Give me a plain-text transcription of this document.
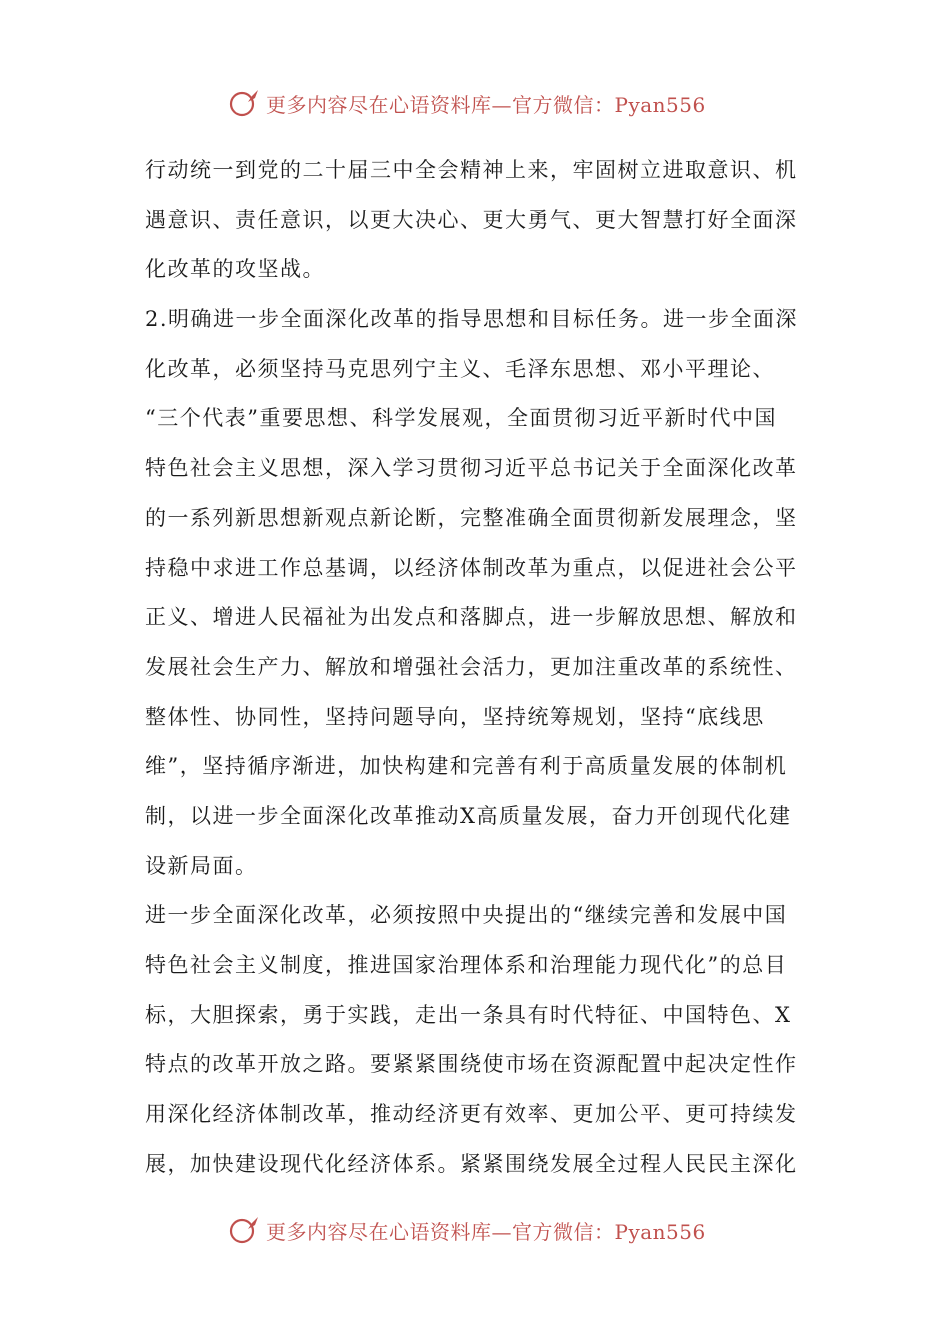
更多内容尽在心语资料库—官方微信：Pyan556
行动统一到党的二十届三中全会精神上来，牢固树立进取意识、机
遇意识、责任意识，以更大决心、更大勇气、更大智慧打好全面深
化改革的攻坚战。
2.明确进一步全面深化改革的指导思想和目标任务。进一步全面深
化改革，必须坚持马克思列宁主义、毛泽东思想、邓小平理论、
“三个代表”重要思想、科学发展观，全面贯彻习近平新时代中国
特色社会主义思想，深入学习贯彻习近平总书记关于全面深化改革
的一系列新思想新观点新论断，完整准确全面贯彻新发展理念，坚
持稳中求进工作总基调，以经济体制改革为重点，以促进社会公平
正义、增进人民福祉为出发点和落脚点，进一步解放思想、解放和
发展社会生产力、解放和增强社会活力，更加注重改革的系统性、
整体性、协同性，坚持问题导向，坚持统筹规划，坚持“底线思
维”，坚持循序渐进，加快构建和完善有利于高质量发展的体制机
制，以进一步全面深化改革推动X高质量发展，奋力开创现代化建
设新局面。
进一步全面深化改革，必须按照中央提出的“继续完善和发展中国
特色社会主义制度，推进国家治理体系和治理能力现代化”的总目
标，大胆探索，勇于实践，走出一条具有时代特征、中国特色、X
特点的改革开放之路。要紧紧围绕使市场在资源配置中起决定性作
用深化经济体制改革，推动经济更有效率、更加公平、更可持续发
展，加快建设现代化经济体系。紧紧围绕发展全过程人民民主深化
更多内容尽在心语资料库—官方微信：Pyan556
